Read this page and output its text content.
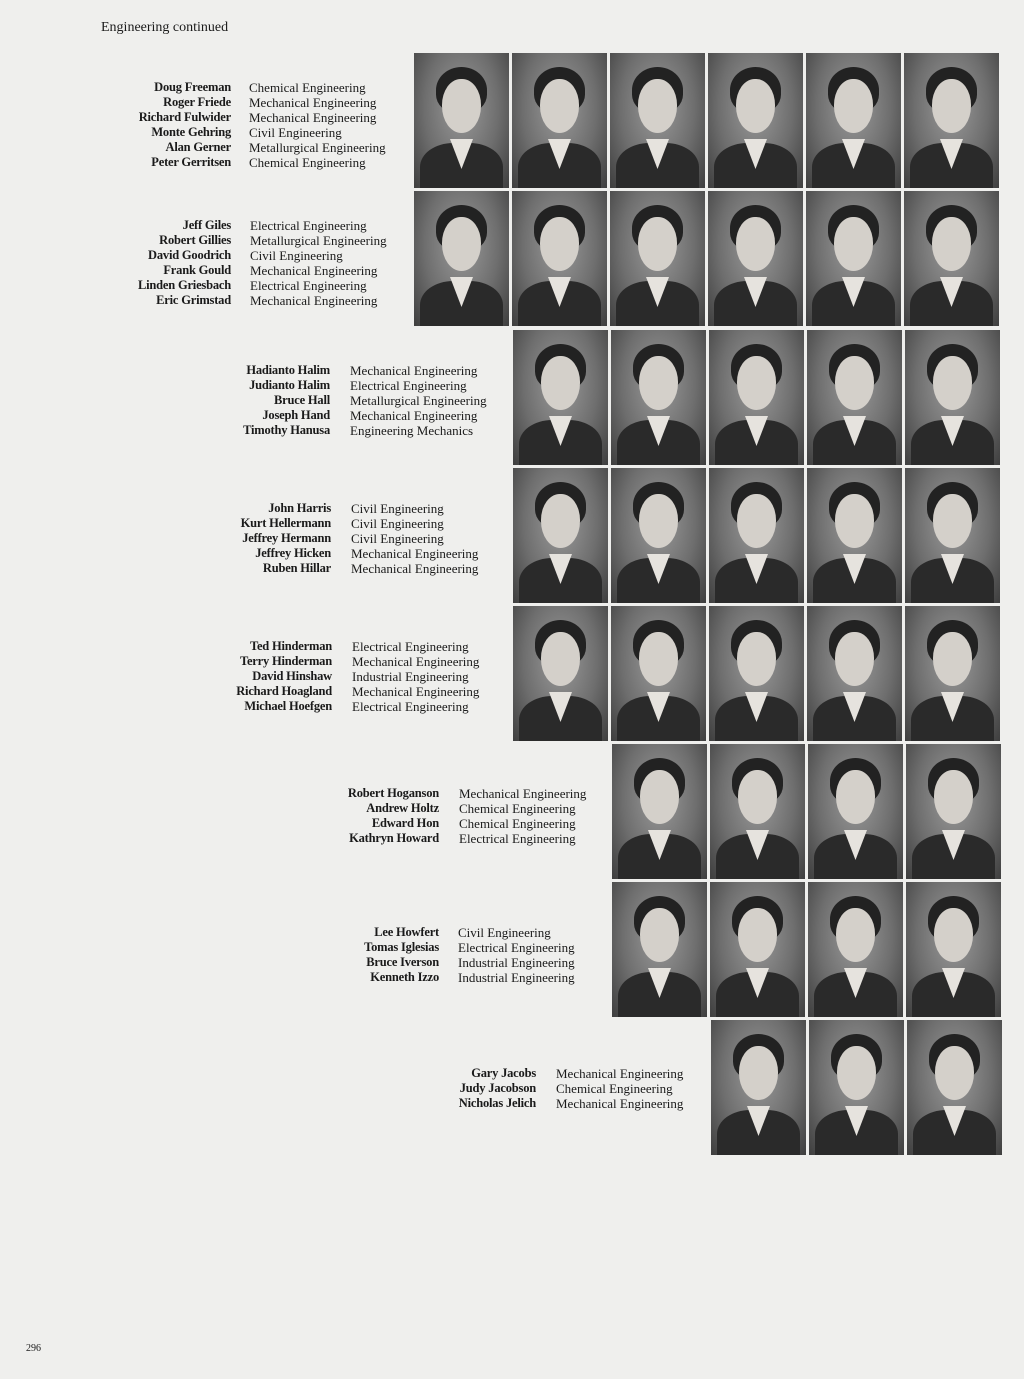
Engineering continued
Doug Freeman
Roger Friede
Richard Fulwider
Monte Gehring
Alan Gerner
Peter Gerritsen
Chemical Engineering
Mechanical Engineering
Mechanical Engineering
Civil Engineering
Metallurgical Engineering
Chemical Engineering
Jeff Giles
Robert Gillies
David Goodrich
Frank Gould
Linden Griesbach
Eric Grimstad
Electrical Engineering
Metallurgical Engineering
Civil Engineering
Mechanical Engineering
Electrical Engineering
Mechanical Engineering
Hadianto Halim
Judianto Halim
Bruce Hall
Joseph Hand
Timothy Hanusa
Mechanical Engineering
Electrical Engineering
Metallurgical Engineering
Mechanical Engineering
Engineering Mechanics
John Harris
Kurt Hellermann
Jeffrey Hermann
Jeffrey Hicken
Ruben Hillar
Civil Engineering
Civil Engineering
Civil Engineering
Mechanical Engineering
Mechanical Engineering
Ted Hinderman
Terry Hinderman
David Hinshaw
Richard Hoagland
Michael Hoefgen
Electrical Engineering
Mechanical Engineering
Industrial Engineering
Mechanical Engineering
Electrical Engineering
Robert Hoganson
Andrew Holtz
Edward Hon
Kathryn Howard
Mechanical Engineering
Chemical Engineering
Chemical Engineering
Electrical Engineering
Lee Howfert
Tomas Iglesias
Bruce Iverson
Kenneth Izzo
Civil Engineering
Electrical Engineering
Industrial Engineering
Industrial Engineering
Gary Jacobs
Judy Jacobson
Nicholas Jelich
Mechanical Engineering
Chemical Engineering
Mechanical Engineering
296
